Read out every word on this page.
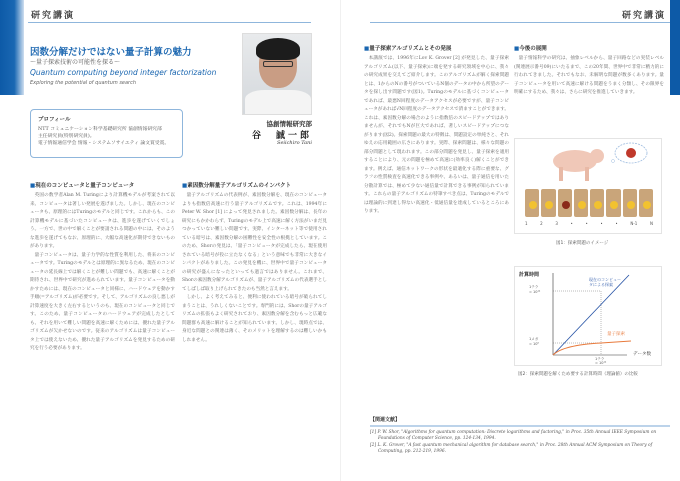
研究講演	研究講演
因数分解だけではない量子計算の魅力
〜量子探索技術の可能性を探る〜
Quantum computing beyond integer factorization
Exploring the potential of quantum search
協創情報研究部
谷　誠一郎
Seiichiro Tani
プロフィール
NTT コミュニケーション科学基礎研究所 協創情報研究部
主任研究員(特別研究員)。
電子情報通信学会 情報・システムソサイエティ 論文賞受賞。
■現在のコンピュータと量子コンピュータ

英国の数学者Alan M. Turingにより計算機モデルが考案されて以来、コンピュータは著しい発展を遂げました。しかし、現在のコンピュータも、原理的にはTuringのモデルと同じです。これからも、この計算機モデルに基づいたコンピュータは、進歩を遂げていくでしょう。一方で、世の中で解くことが要請される問題の中には、そのような進歩を遂げてもなお、原理的に、大幅な高速化が期待できないものがあります。

量子コンピュータは、量子力学的な性質を利用した、将来のコンピュータです。Turingのモデルとは原理的に異なるため、現在のコンピュータの延長線上では解くことが難しい問題でも、高速に解くことが期待され、世界中で研究が進められています。量子コンピュータを動かすためには、現在のコンピュータと同様に、ハードウェアを動かす手順(=アルゴリズム)が必要です。そして、アルゴリズムの良し悪しが計算速度を大きく左右するというのも、現在のコンピュータと同じです。このため、量子コンピュータのハードウェアが完成したとしても、それを用いて難しい問題を高速に解くためには、優れた量子アルゴリズムが欠かせないのです。従来のアルゴリズムは量子コンピュータ上では使えないため、優れた量子アルゴリズムを発見するための研究を行う必要があります。

■素因数分解量子アルゴリズムのインパクト

量子アルゴリズムの代表例が、素因数分解を、現在のコンピュータよりも指数倍高速に行う量子アルゴリズムです。これは、1994年にPeter W. Shor [1] によって発見されました。素因数分解は、長年の研究にもかかわらず、Turingのモデル上で高速に解く方法がいまだ見つかっていない難しい問題です。実際、インターネット等で使用されている暗号は、素因数分解の困難性を安全性の根拠としています。このため、Shorの発見は、「量子コンピュータが完成したら、現在使用されている暗号が役に立たなくなる」という意味でも非常に大きなインパクトがありました。この発見を機に、世界中で量子コンピュータの研究が盛んになったといっても過言ではありません。これまで、Shorの素因数分解アルゴリズムが、量子アルゴリズムの代表選手としてしばしば取り上げられてきたのも当然と言えます。

しかし、よく考えてみると、便利に使われている暗号が破られてしまうことは、うれしくないことです。専門的には、Shorの量子アルゴリズムの拡張もよく研究されており、素因数分解を含むもっと広範な問題群も高速に解けることが知られています。しかし、現時点では、身近な問題との関連は薄く、そのメリットを理解するのは難しいかもしれません。

■量子探索アルゴリズムとその発展

本講演では、1996年にLov K. Grover [2] が発見した、量子探索アルゴリズム(以下、量子探索)に端を発する研究領域を中心に、我々の研究成果を交えてご紹介します。このアルゴリズムが解く探索問題とは、1からのNの番号がついているN個のデータの中から所望のデータを探し出す問題です(図1)。Turingのモデルに基づくコンピュータであれば、最悪N回程度のデータアクセスが必要ですが、量子コンピュータがあれば√N回程度のデータアクセスで済ますことができます。これは、素因数分解の場合のように指数倍のスピードアップではありませんが、それでもNが巨大であれば、著しいスピードアップにつながります(図2)。探索問題の最大の特徴は、問題設定の単純さと、それゆえの応用範囲の広さにあります。実際、探索問題は、様々な問題の部分問題として現われます。この部分問題を発見し、量子探索を適用することにより、元の問題を極めて高速に(効率良く)解くことができます。例えば、通信ネットワークの形状を最適化する際に重要な、グラフの性質検査を高速化できる事例や、あるいは、量子通信を用いた分散計算では、極めて少ない通信量で計算できる事例が知られています。これらの量子アルゴリズムの特筆すべき点は、Turingのモデルでは理論的に到達し得ない高速化・低通信量を達成しているところにあります。

■今後の展開

量子情報科学の研究は、抽象レベルから、量子回路などの実装レベル(関連展示番号09)にいたるまで、この20年間、世界中で非常に精力的に行われてきました。それでもなお、未解明な問題が数多くあります。量子コンピュータを用いて高速に解ける問題をうまく分類し、その限界を明確にするため、我々は、さらに研究を推進していきます。

1	2	3	•	•	•	•	N-1	N
図1：探索問題のイメージ
計算時間
データ数
1テラ
= 10¹²
1メガ
= 10⁶
1テラ
= 10¹²
現在のコンピュータによる探索
量子探索
図2：探索問題を解くため要する計算時間（理論値）の比較
【関連文献】
[1] P. W. Shor, "Algorithms for quantum computation: Discrete logarithms and factoring," in Proc. 35th Annual IEEE Symposium on Foundations of Computer Science, pp. 124-134, 1994.
[2] L. K. Grover, "A fast quantum mechanical algorithm for database search," in Proc. 28th Annual ACM Symposium on Theory of Computing, pp. 212-219, 1996.
